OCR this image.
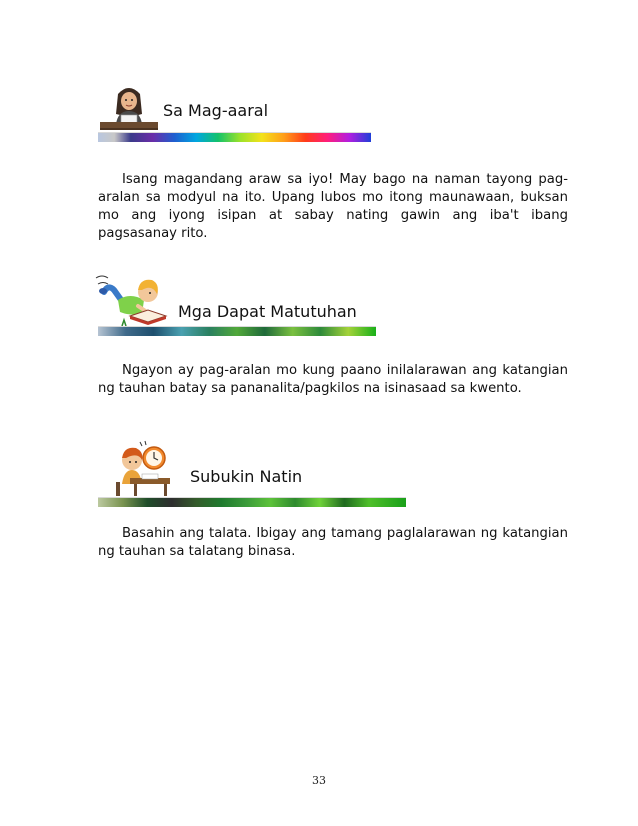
Sa Mag-aaral
Isang magandang araw sa iyo! May bago na naman tayong pag-aralan sa modyul na ito. Upang lubos mo itong maunawaan, buksan mo ang iyong isipan at sabay nating gawin ang iba't ibang pagsasanay rito.
Mga Dapat Matutuhan
Ngayon ay pag-aralan mo kung paano inilalarawan ang katangian ng tauhan batay sa pananalita/pagkilos na isinasaad sa kwento.
Subukin Natin
Basahin ang talata. Ibigay ang tamang paglalarawan ng katangian ng tauhan sa talatang binasa.
33
